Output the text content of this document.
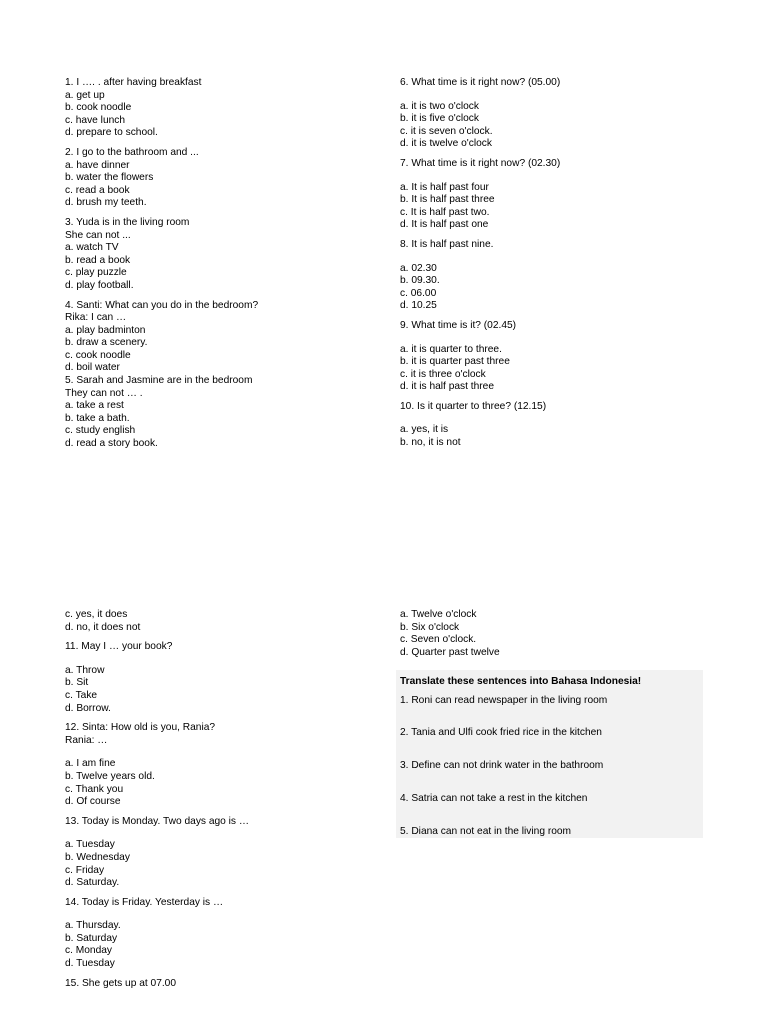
1. I …. . after having breakfast
a. get up
b. cook noodle
c. have lunch
d. prepare to school.
2. I go to the bathroom and ...
a. have dinner
b. water the flowers
c. read a book
d. brush my teeth.
3. Yuda is in the living room
She can not ...
a. watch TV
b. read a book
c. play puzzle
d. play football.
4. Santi: What can you do in the bedroom?
Rika: I can …
a. play badminton
b. draw a scenery.
c. cook noodle
d. boil water
5. Sarah and Jasmine are in the bedroom
They can not … .
a. take a rest
b. take a bath.
c. study english
d. read a story book.
6. What time is it right now? (05.00)
a. it is two o'clock
b. it is five o'clock
c. it is seven o'clock.
d. it is twelve o'clock
7. What time is it right now? (02.30)
a. It is half past four
b. It is half past three
c. It is half past two.
d. It is half past one
8. It is half past nine.
a. 02.30
b. 09.30.
c. 06.00
d. 10.25
9. What time is it? (02.45)
a. it is quarter to three.
b. it is quarter past three
c. it is three o'clock
d. it is half past three
10. Is it quarter to three? (12.15)
a. yes, it is
b. no, it is not
c. yes, it does
d. no, it does not
11. May I … your book?
a. Throw
b. Sit
c. Take
d. Borrow.
12. Sinta: How old is you, Rania?
Rania: …
a. I am fine
b. Twelve years old.
c. Thank you
d. Of course
13. Today is Monday. Two days ago is …
a. Tuesday
b. Wednesday
c. Friday
d. Saturday.
14. Today is Friday. Yesterday is …
a. Thursday.
b. Saturday
c. Monday
d. Tuesday
15. She gets up at 07.00
a. Twelve o'clock
b. Six o'clock
c. Seven o'clock.
d. Quarter past twelve
Translate these sentences into Bahasa Indonesia!
1. Roni can read newspaper in the living room
2. Tania and Ulfi cook fried rice in the kitchen
3. Define can not drink water in the bathroom
4. Satria can not take a rest in the kitchen
5. Diana can not eat in the living room
